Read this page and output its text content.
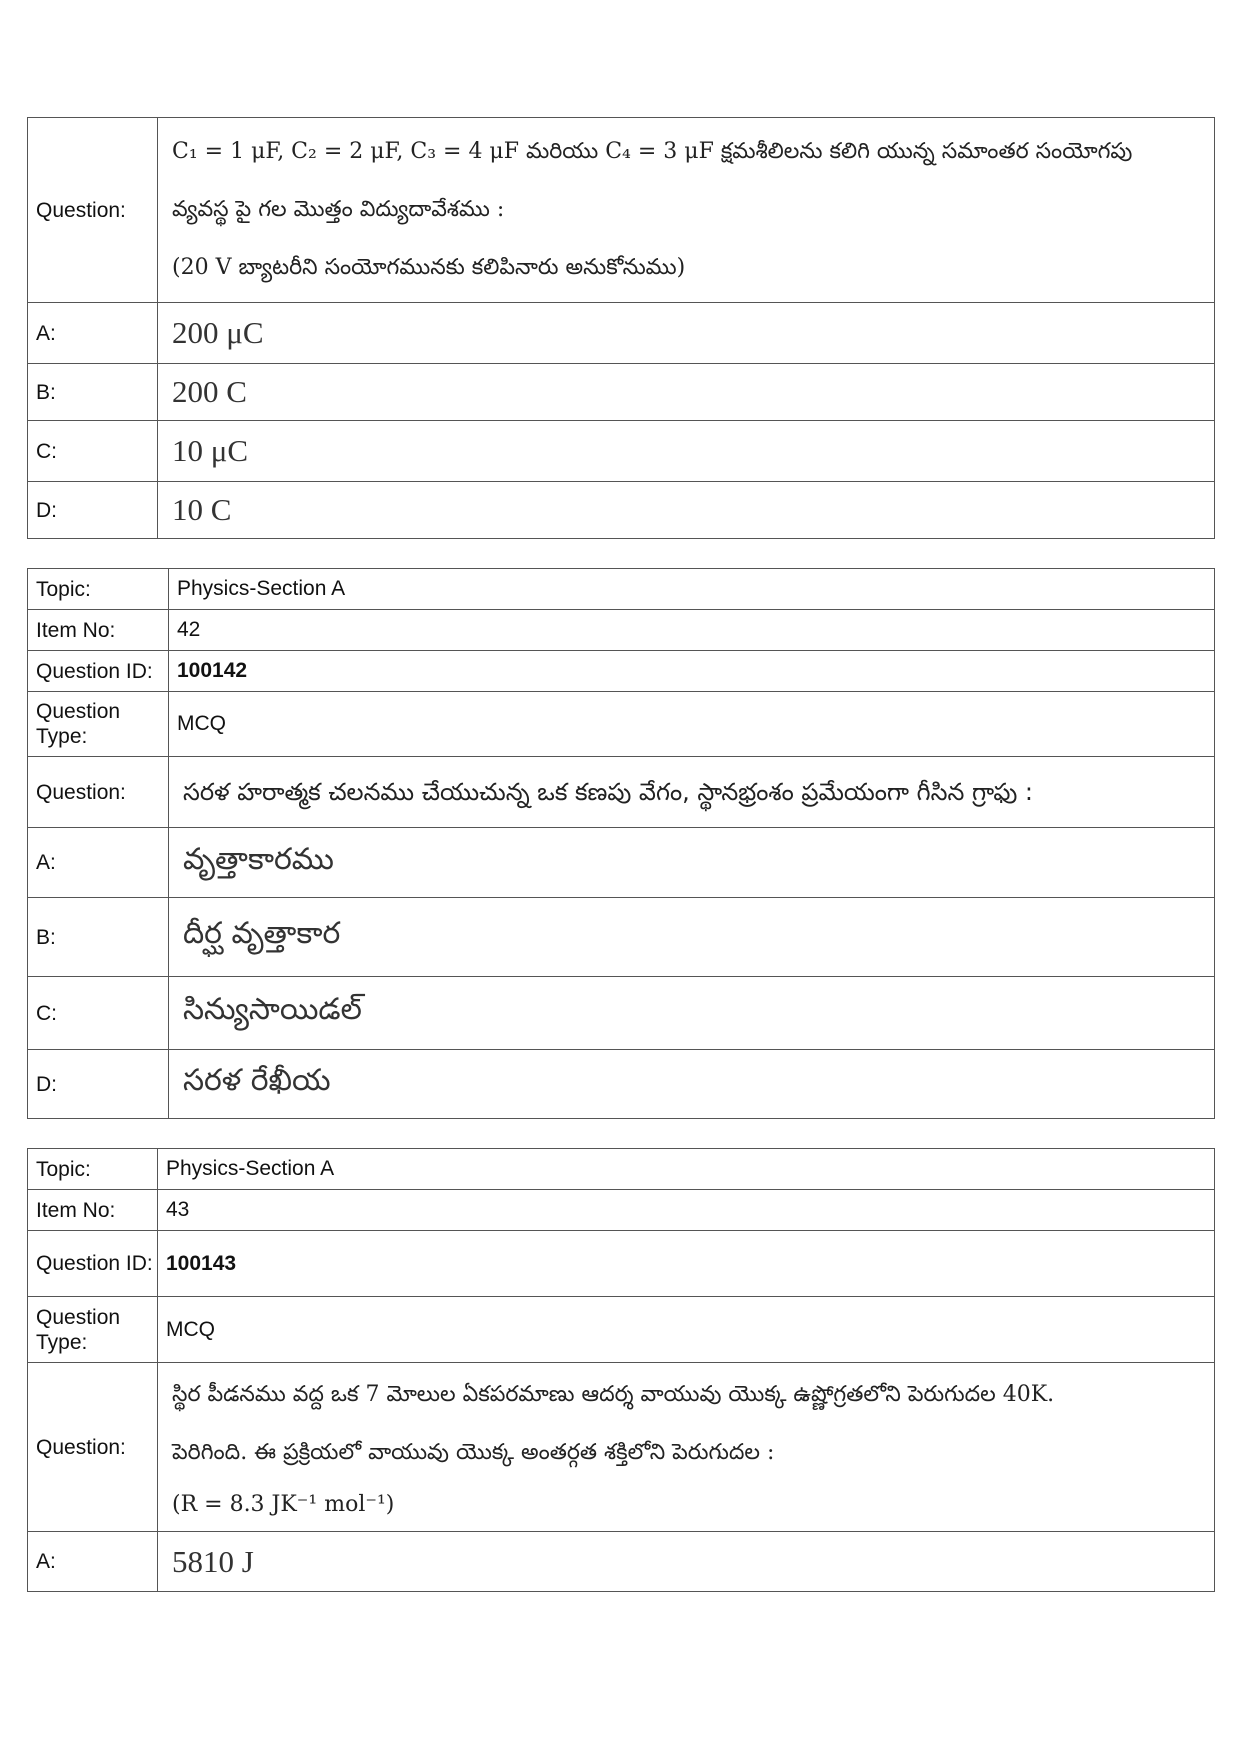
Question:	C₁ = 1 μF, C₂ = 2 μF, C₃ = 4 μF మరియు C₄ = 3 μF క్షమశీలిలను కలిగి యున్న సమాంతర సంయోగపు
వ్యవస్థ పై గల మొత్తం విద్యుదావేశము :
(20 V బ్యాటరీని సంయోగమునకు కలిపినారు అనుకోనుము)

A:	200 μC
B:	200 C
C:	10 μC
D:	10 C
Topic:	Physics-Section A
Item No:	42
Question ID:	100142
Question Type:	MCQ
Question:	సరళ హరాత్మక చలనము చేయుచున్న ఒక కణపు వేగం, స్థానభ్రంశం ప్రమేయంగా గీసిన గ్రాఫు :

A:	వృత్తాకారము
B:	దీర్ఘ వృత్తాకార
C:	సిన్యుసాయిడల్
D:	సరళ రేఖీయ
Topic:	Physics-Section A
Item No:	43
Question ID:	100143
Question Type:	MCQ
Question:	స్థిర పీడనము వద్ద ఒక 7 మోలుల ఏకపరమాణు ఆదర్శ వాయువు యొక్క ఉష్ణోగ్రతలోని పెరుగుదల 40K.
పెరిగింది. ఈ ప్రక్రియలో వాయువు యొక్క అంతర్గత శక్తిలోని పెరుగుదల :
(R = 8.3 JK⁻¹ mol⁻¹)

A:	5810 J
